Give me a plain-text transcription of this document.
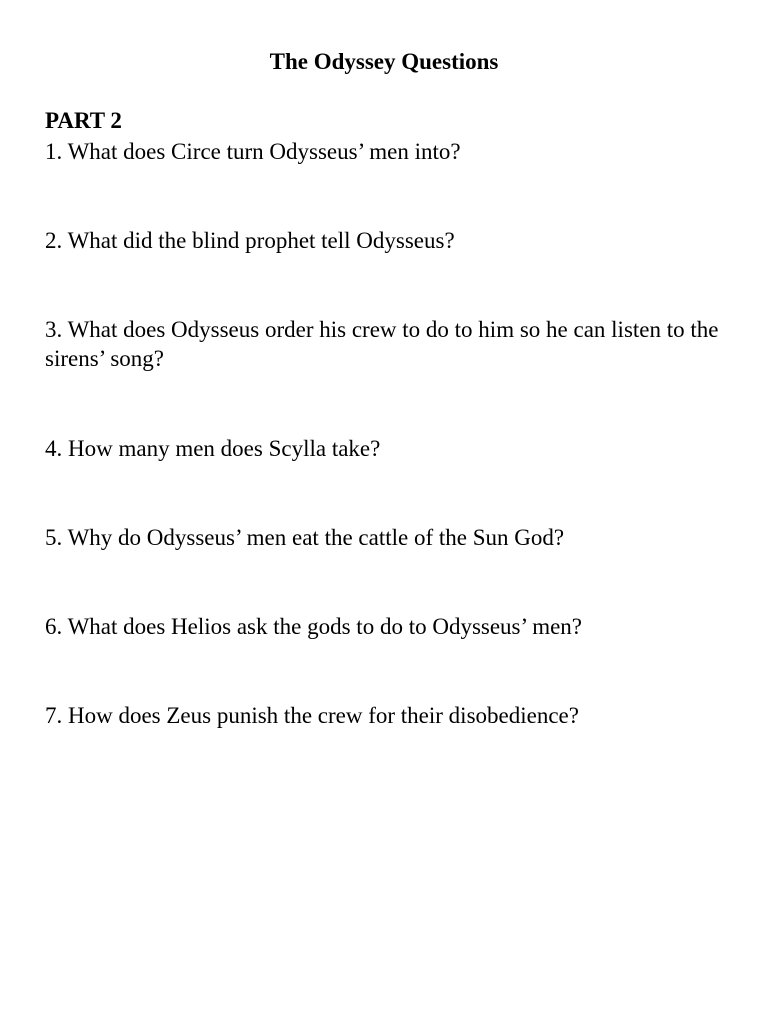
The Odyssey Questions
PART 2
1. What does Circe turn Odysseus’ men into?
2. What did the blind prophet tell Odysseus?
3. What does Odysseus order his crew to do to him so he can listen to the sirens’ song?
4. How many men does Scylla take?
5. Why do Odysseus’ men eat the cattle of the Sun God?
6. What does Helios ask the gods to do to Odysseus’ men?
7. How does Zeus punish the crew for their disobedience?
